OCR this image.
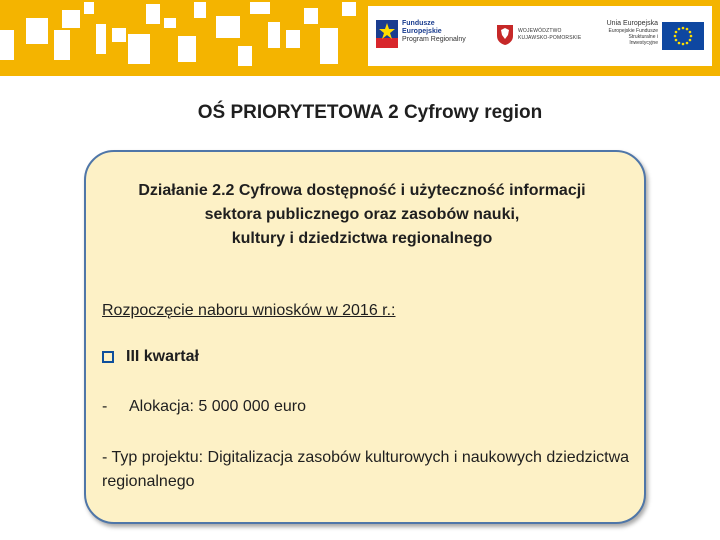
Fundusze Europejskie
Program Regionalny
WOJEWÓDZTWO
KUJAWSKO-POMORSKIE
Unia Europejska
Europejskie Fundusze
Strukturalne i Inwestycyjne
OŚ PRIORYTETOWA 2 Cyfrowy region
Działanie 2.2 Cyfrowa dostępność i użyteczność informacji
sektora publicznego oraz zasobów nauki,
kultury i dziedzictwa regionalnego
Rozpoczęcie naboru wniosków w 2016 r.:
III kwartał
- Alokacja: 5 000 000 euro
- Typ projektu: Digitalizacja zasobów kulturowych i naukowych dziedzictwa regionalnego
